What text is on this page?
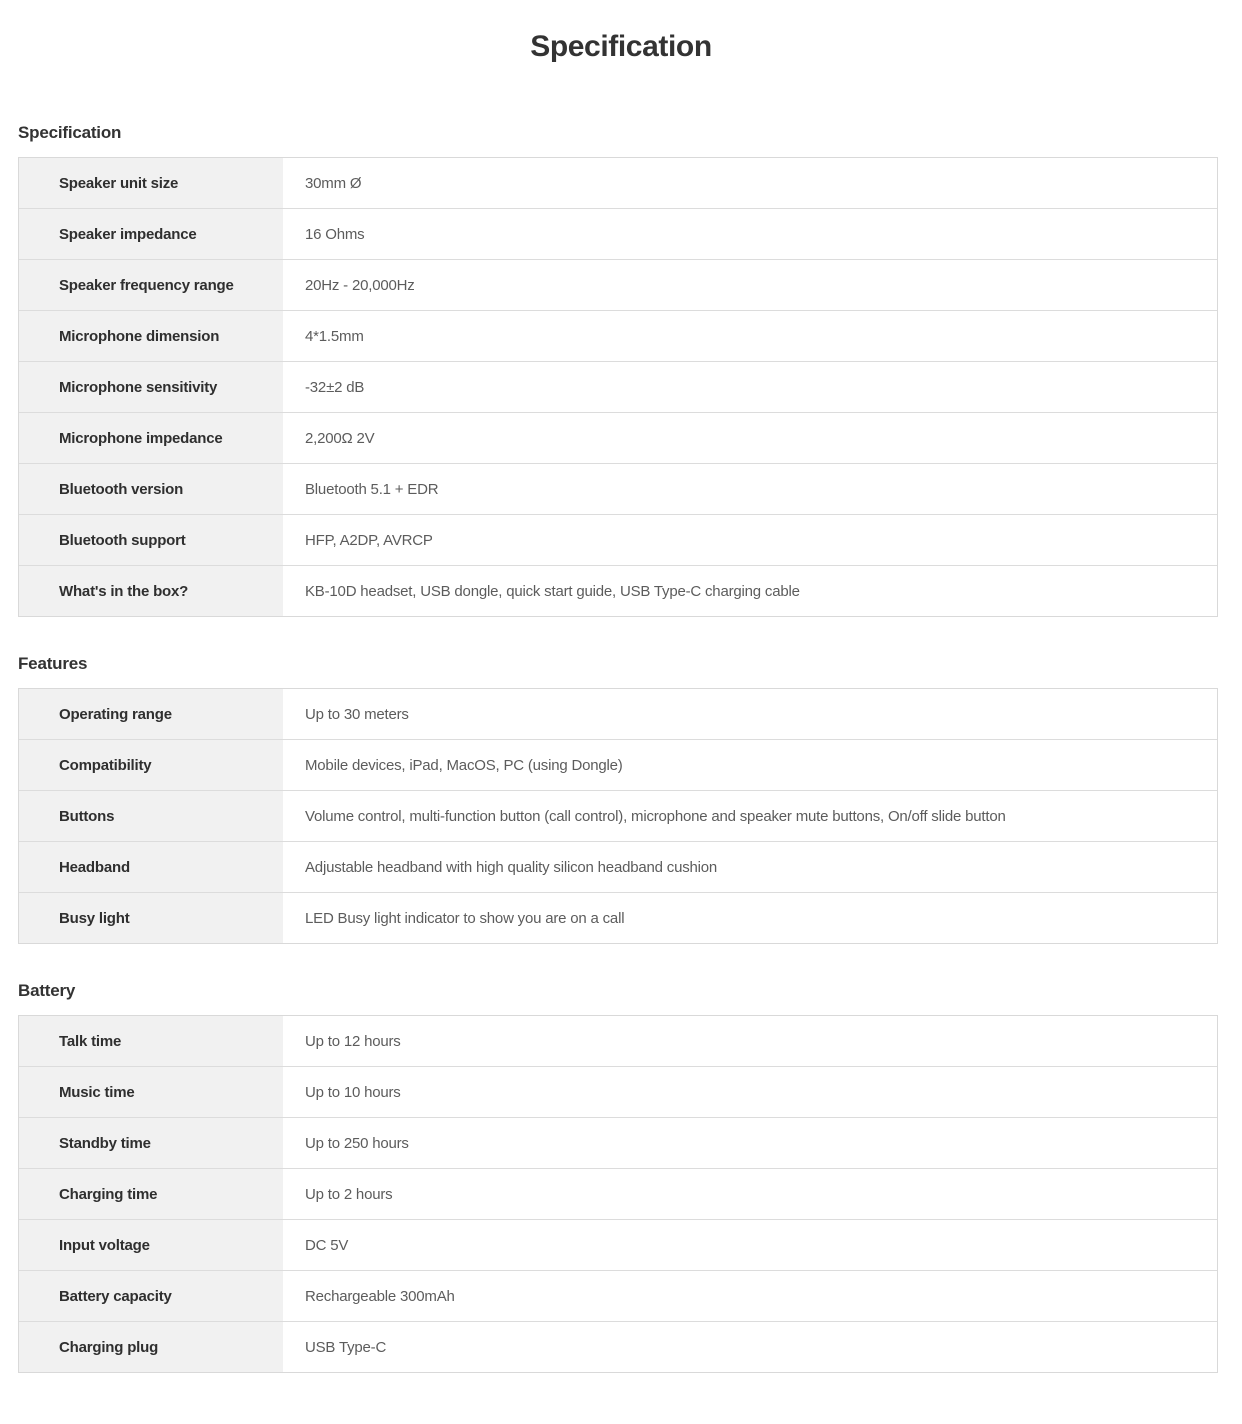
Specification
Specification
Speaker unit size	30mm Ø
Speaker impedance	16 Ohms
Speaker frequency range	20Hz - 20,000Hz
Microphone dimension	4*1.5mm
Microphone sensitivity	-32±2 dB
Microphone impedance	2,200Ω 2V
Bluetooth version	Bluetooth 5.1 + EDR
Bluetooth support	HFP, A2DP, AVRCP
What's in the box?	KB-10D headset, USB dongle, quick start guide, USB Type-C charging cable
Features
Operating range	Up to 30 meters
Compatibility	Mobile devices, iPad, MacOS, PC (using Dongle)
Buttons	Volume control, multi-function button (call control), microphone and speaker mute buttons, On/off slide button
Headband	Adjustable headband with high quality silicon headband cushion
Busy light	LED Busy light indicator to show you are on a call
Battery
Talk time	Up to 12 hours
Music time	Up to 10 hours
Standby time	Up to 250 hours
Charging time	Up to 2 hours
Input voltage	DC 5V
Battery capacity	Rechargeable 300mAh
Charging plug	USB Type-C
